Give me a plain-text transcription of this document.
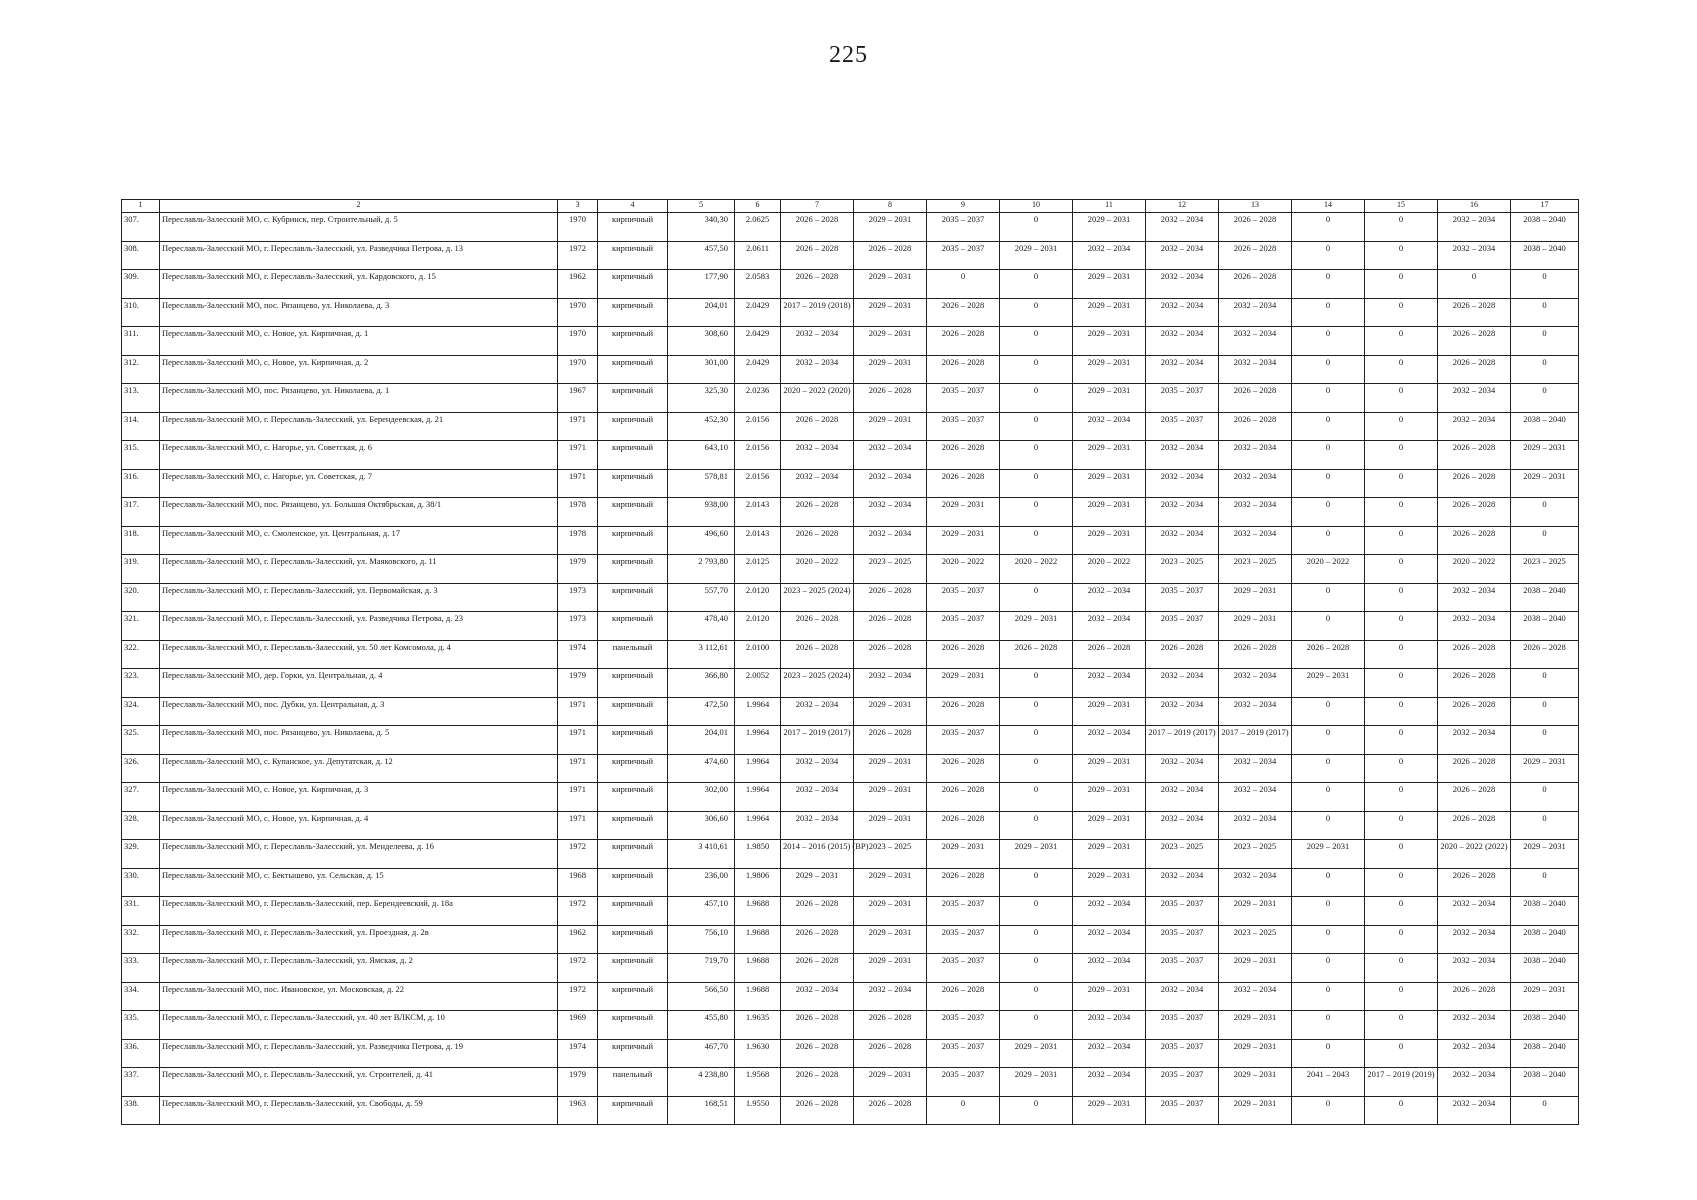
225
1	2	3	4	5	6	7	8	9	10	11	12	13	14	15	16	17
307.	Переславль-Залесский МО, с. Кубринск, пер. Строительный, д. 5	1970	кирпичный	340,30	2.0625	2026 – 2028	2029 – 2031	2035 – 2037	0	2029 – 2031	2032 – 2034	2026 – 2028	0	0	2032 – 2034	2038 – 2040
308.	Переславль-Залесский МО, г. Переславль-Залесский, ул. Разведчика Петрова, д. 13	1972	кирпичный	457,50	2.0611	2026 – 2028	2026 – 2028	2035 – 2037	2029 – 2031	2032 – 2034	2032 – 2034	2026 – 2028	0	0	2032 – 2034	2038 – 2040
309.	Переславль-Залесский МО, г. Переславль-Залесский, ул. Кардовского, д. 15	1962	кирпичный	177,90	2.0583	2026 – 2028	2029 – 2031	0	0	2029 – 2031	2032 – 2034	2026 – 2028	0	0	0	0
310.	Переславль-Залесский МО, пос. Рязанцево, ул. Николаева, д. 3	1970	кирпичный	204,01	2.0429	2017 – 2019 (2018)	2029 – 2031	2026 – 2028	0	2029 – 2031	2032 – 2034	2032 – 2034	0	0	2026 – 2028	0
311.	Переславль-Залесский МО, с. Новое, ул. Кирпичная, д. 1	1970	кирпичный	308,60	2.0429	2032 – 2034	2029 – 2031	2026 – 2028	0	2029 – 2031	2032 – 2034	2032 – 2034	0	0	2026 – 2028	0
312.	Переславль-Залесский МО, с. Новое, ул. Кирпичная, д. 2	1970	кирпичный	301,00	2.0429	2032 – 2034	2029 – 2031	2026 – 2028	0	2029 – 2031	2032 – 2034	2032 – 2034	0	0	2026 – 2028	0
313.	Переславль-Залесский МО, пос. Рязанцево, ул. Николаева, д. 1	1967	кирпичный	325,30	2.0236	2020 – 2022 (2020)	2026 – 2028	2035 – 2037	0	2029 – 2031	2035 – 2037	2026 – 2028	0	0	2032 – 2034	0
314.	Переславль-Залесский МО, г. Переславль-Залесский, ул. Берендеевская, д. 21	1971	кирпичный	452,30	2.0156	2026 – 2028	2029 – 2031	2035 – 2037	0	2032 – 2034	2035 – 2037	2026 – 2028	0	0	2032 – 2034	2038 – 2040
315.	Переславль-Залесский МО, с. Нагорье, ул. Советская, д. 6	1971	кирпичный	643,10	2.0156	2032 – 2034	2032 – 2034	2026 – 2028	0	2029 – 2031	2032 – 2034	2032 – 2034	0	0	2026 – 2028	2029 – 2031
316.	Переславль-Залесский МО, с. Нагорье, ул. Советская, д. 7	1971	кирпичный	578,81	2.0156	2032 – 2034	2032 – 2034	2026 – 2028	0	2029 – 2031	2032 – 2034	2032 – 2034	0	0	2026 – 2028	2029 – 2031
317.	Переславль-Залесский МО, пос. Рязанцево, ул. Большая Октябрьская, д. 38/1	1978	кирпичный	938,00	2.0143	2026 – 2028	2032 – 2034	2029 – 2031	0	2029 – 2031	2032 – 2034	2032 – 2034	0	0	2026 – 2028	0
318.	Переславль-Залесский МО, с. Смоленское, ул. Центральная, д. 17	1978	кирпичный	496,60	2.0143	2026 – 2028	2032 – 2034	2029 – 2031	0	2029 – 2031	2032 – 2034	2032 – 2034	0	0	2026 – 2028	0
319.	Переславль-Залесский МО, г. Переславль-Залесский, ул. Маяковского, д. 11	1979	кирпичный	2 793,80	2.0125	2020 – 2022	2023 – 2025	2020 – 2022	2020 – 2022	2020 – 2022	2023 – 2025	2023 – 2025	2020 – 2022	0	2020 – 2022	2023 – 2025
320.	Переславль-Залесский МО, г. Переславль-Залесский, ул. Первомайская, д. 3	1973	кирпичный	557,70	2.0120	2023 – 2025 (2024)	2026 – 2028	2035 – 2037	0	2032 – 2034	2035 – 2037	2029 – 2031	0	0	2032 – 2034	2038 – 2040
321.	Переславль-Залесский МО, г. Переславль-Залесский, ул. Разведчика Петрова, д. 23	1973	кирпичный	478,40	2.0120	2026 – 2028	2026 – 2028	2035 – 2037	2029 – 2031	2032 – 2034	2035 – 2037	2029 – 2031	0	0	2032 – 2034	2038 – 2040
322.	Переславль-Залесский МО, г. Переславль-Залесский, ул. 50 лет Комсомола, д. 4	1974	панельный	3 112,61	2.0100	2026 – 2028	2026 – 2028	2026 – 2028	2026 – 2028	2026 – 2028	2026 – 2028	2026 – 2028	2026 – 2028	0	2026 – 2028	2026 – 2028
323.	Переславль-Залесский МО, дер. Горки, ул. Центральная, д. 4	1979	кирпичный	366,80	2.0052	2023 – 2025 (2024)	2032 – 2034	2029 – 2031	0	2032 – 2034	2032 – 2034	2032 – 2034	2029 – 2031	0	2026 – 2028	0
324.	Переславль-Залесский МО, пос. Дубки, ул. Центральная, д. 3	1971	кирпичный	472,50	1.9964	2032 – 2034	2029 – 2031	2026 – 2028	0	2029 – 2031	2032 – 2034	2032 – 2034	0	0	2026 – 2028	0
325.	Переславль-Залесский МО, пос. Рязанцево, ул. Николаева, д. 5	1971	кирпичный	204,01	1.9964	2017 – 2019 (2017)	2026 – 2028	2035 – 2037	0	2032 – 2034	2017 – 2019 (2017)	2017 – 2019 (2017)	0	0	2032 – 2034	0
326.	Переславль-Залесский МО, с. Купанское, ул. Депутатская, д. 12	1971	кирпичный	474,60	1.9964	2032 – 2034	2029 – 2031	2026 – 2028	0	2029 – 2031	2032 – 2034	2032 – 2034	0	0	2026 – 2028	2029 – 2031
327.	Переславль-Залесский МО, с. Новое, ул. Кирпичная, д. 3	1971	кирпичный	302,00	1.9964	2032 – 2034	2029 – 2031	2026 – 2028	0	2029 – 2031	2032 – 2034	2032 – 2034	0	0	2026 – 2028	0
328.	Переславль-Залесский МО, с. Новое, ул. Кирпичная, д. 4	1971	кирпичный	306,60	1.9964	2032 – 2034	2029 – 2031	2026 – 2028	0	2029 – 2031	2032 – 2034	2032 – 2034	0	0	2026 – 2028	0
329.	Переславль-Залесский МО, г. Переславль-Залесский, ул. Менделеева, д. 16	1972	кирпичный	3 410,61	1.9850	2014 – 2016 (2015) (ВР)	2023 – 2025	2029 – 2031	2029 – 2031	2029 – 2031	2023 – 2025	2023 – 2025	2029 – 2031	0	2020 – 2022 (2022)	2029 – 2031
330.	Переславль-Залесский МО, с. Бектышево, ул. Сельская, д. 15	1968	кирпичный	236,00	1.9806	2029 – 2031	2029 – 2031	2026 – 2028	0	2029 – 2031	2032 – 2034	2032 – 2034	0	0	2026 – 2028	0
331.	Переславль-Залесский МО, г. Переславль-Залесский, пер. Берендеевский, д. 18а	1972	кирпичный	457,10	1.9688	2026 – 2028	2029 – 2031	2035 – 2037	0	2032 – 2034	2035 – 2037	2029 – 2031	0	0	2032 – 2034	2038 – 2040
332.	Переславль-Залесский МО, г. Переславль-Залесский, ул. Проездная, д. 2в	1962	кирпичный	756,10	1.9688	2026 – 2028	2029 – 2031	2035 – 2037	0	2032 – 2034	2035 – 2037	2023 – 2025	0	0	2032 – 2034	2038 – 2040
333.	Переславль-Залесский МО, г. Переславль-Залесский, ул. Ямская, д. 2	1972	кирпичный	719,70	1.9688	2026 – 2028	2029 – 2031	2035 – 2037	0	2032 – 2034	2035 – 2037	2029 – 2031	0	0	2032 – 2034	2038 – 2040
334.	Переславль-Залесский МО, пос. Ивановское, ул. Московская, д. 22	1972	кирпичный	566,50	1.9688	2032 – 2034	2032 – 2034	2026 – 2028	0	2029 – 2031	2032 – 2034	2032 – 2034	0	0	2026 – 2028	2029 – 2031
335.	Переславль-Залесский МО, г. Переславль-Залесский, ул. 40 лет ВЛКСМ, д. 10	1969	кирпичный	455,80	1.9635	2026 – 2028	2026 – 2028	2035 – 2037	0	2032 – 2034	2035 – 2037	2029 – 2031	0	0	2032 – 2034	2038 – 2040
336.	Переславль-Залесский МО, г. Переславль-Залесский, ул. Разведчика Петрова, д. 19	1974	кирпичный	467,70	1.9630	2026 – 2028	2026 – 2028	2035 – 2037	2029 – 2031	2032 – 2034	2035 – 2037	2029 – 2031	0	0	2032 – 2034	2038 – 2040
337.	Переславль-Залесский МО, г. Переславль-Залесский, ул. Строителей, д. 41	1979	панельный	4 238,80	1.9568	2026 – 2028	2029 – 2031	2035 – 2037	2029 – 2031	2032 – 2034	2035 – 2037	2029 – 2031	2041 – 2043	2017 – 2019 (2019)	2032 – 2034	2038 – 2040
338.	Переславль-Залесский МО, г. Переславль-Залесский, ул. Свободы, д. 59	1963	кирпичный	168,51	1.9550	2026 – 2028	2026 – 2028	0	0	2029 – 2031	2035 – 2037	2029 – 2031	0	0	2032 – 2034	0
